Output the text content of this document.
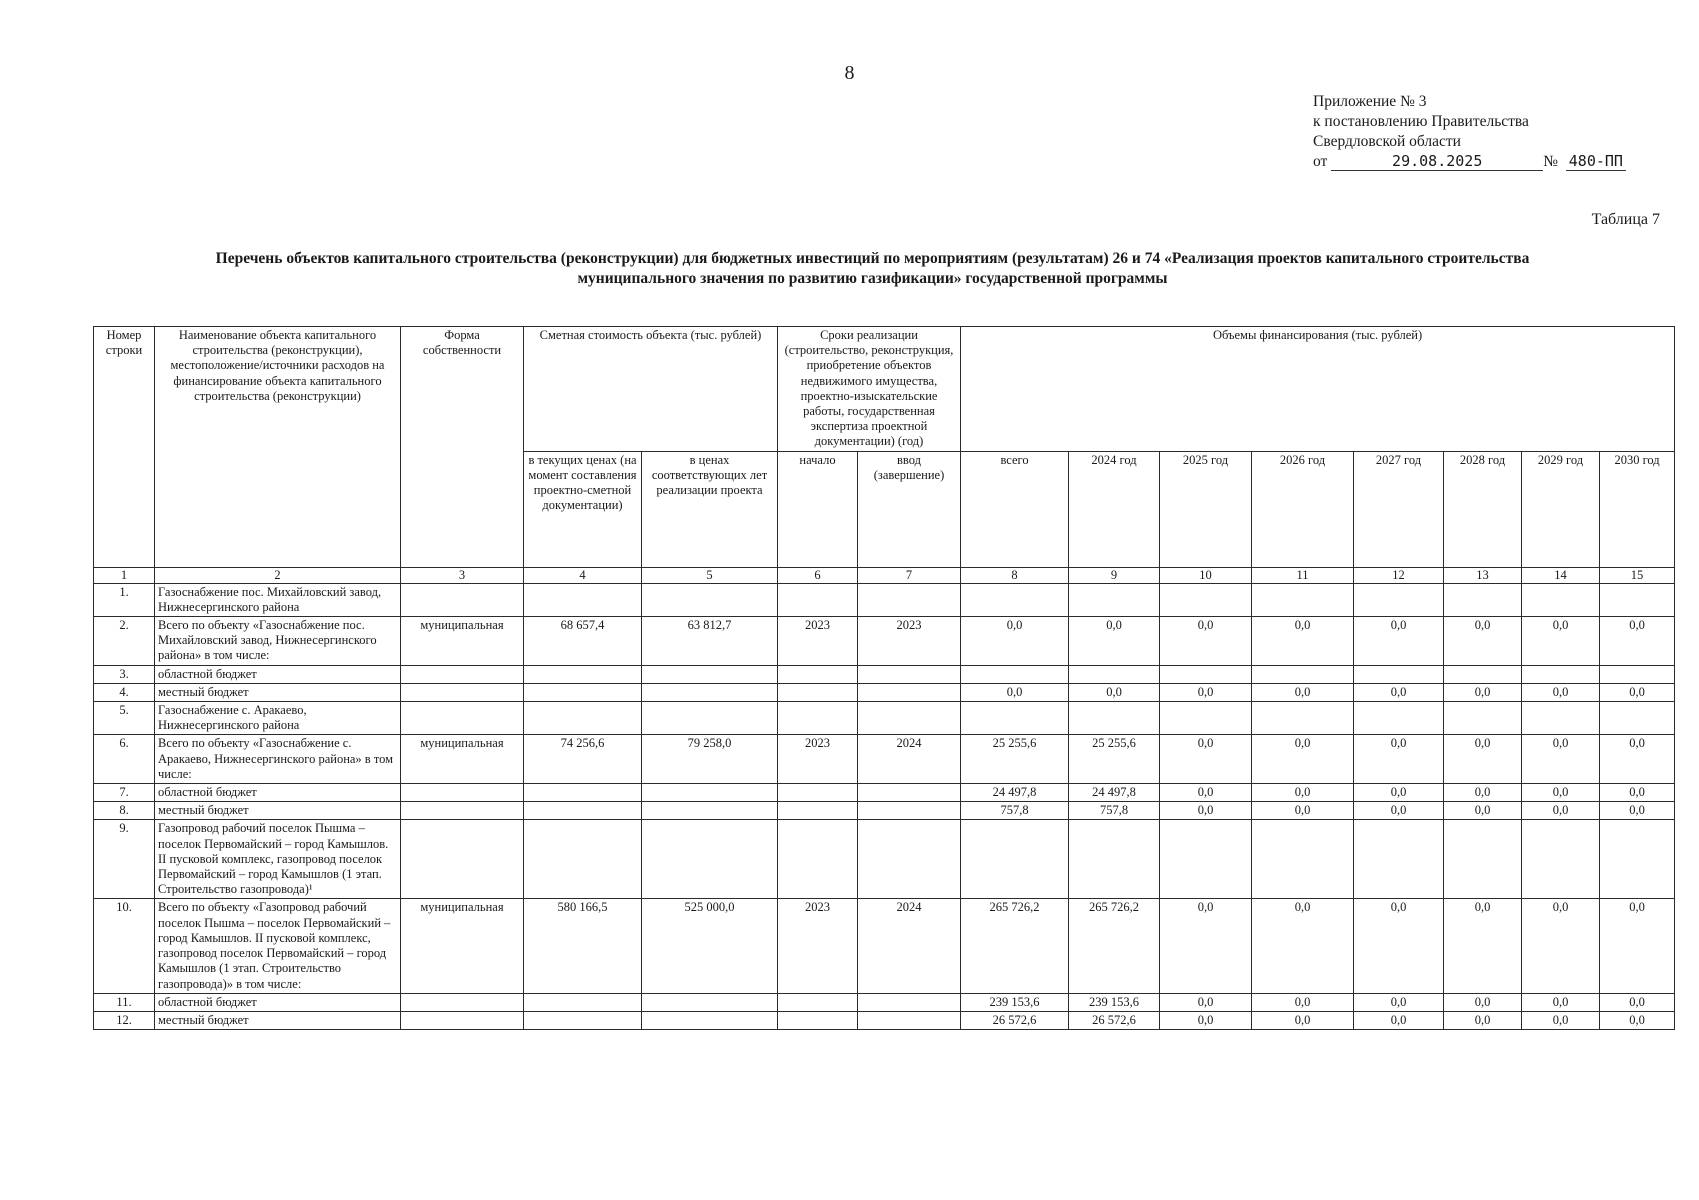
8
Приложение № 3
к постановлению Правительства
Свердловской области
от	29.08.2025	№ 480-ПП
Таблица 7
Перечень объектов капитального строительства (реконструкции) для бюджетных инвестиций по мероприятиям (результатам) 26 и 74 «Реализация проектов капитального строительства муниципального значения по развитию газификации» государственной программы
Номер строки	Наименование объекта капитального строительства (реконструкции), местоположение/источники расходов на финансирование объекта капитального строительства (реконструкции)	Форма собственности	Сметная стоимость объекта (тыс. рублей)		Сроки реализации (строительство, реконструкция, приобретение объектов недвижимого имущества, проектно-изыскательские работы, государственная экспертиза проектной документации) (год)		Объемы финансирования (тыс. рублей)							
			в текущих ценах (на момент составления проектно-сметной документации)	в ценах соответствующих лет реализации проекта	начало	ввод (завершение)	всего	2024 год	2025 год	2026 год	2027 год	2028 год	2029 год	2030 год
1	2	3	4	5	6	7	8	9	10	11	12	13	14	15
1.	Газоснабжение пос. Михайловский завод, Нижнесергинского района													
2.	Всего по объекту «Газоснабжение пос. Михайловский завод, Нижнесергинского района» в том числе:	муниципальная	68 657,4	63 812,7	2023	2023	0,0	0,0	0,0	0,0	0,0	0,0	0,0	0,0
3.	областной бюджет													
4.	местный бюджет						0,0	0,0	0,0	0,0	0,0	0,0	0,0	0,0
5.	Газоснабжение с. Аракаево, Нижнесергинского района													
6.	Всего по объекту «Газоснабжение с. Аракаево, Нижнесергинского района» в том числе:	муниципальная	74 256,6	79 258,0	2023	2024	25 255,6	25 255,6	0,0	0,0	0,0	0,0	0,0	0,0
7.	областной бюджет						24 497,8	24 497,8	0,0	0,0	0,0	0,0	0,0	0,0
8.	местный бюджет						757,8	757,8	0,0	0,0	0,0	0,0	0,0	0,0
9.	Газопровод рабочий поселок Пышма – поселок Первомайский – город Камышлов. II пусковой комплекс, газопровод поселок Первомайский – город Камышлов (1 этап. Строительство газопровода)¹													
10.	Всего по объекту «Газопровод рабочий поселок Пышма – поселок Первомайский – город Камышлов. II пусковой комплекс, газопровод поселок Первомайский – город Камышлов (1 этап. Строительство газопровода)» в том числе:	муниципальная	580 166,5	525 000,0	2023	2024	265 726,2	265 726,2	0,0	0,0	0,0	0,0	0,0	0,0
11.	областной бюджет						239 153,6	239 153,6	0,0	0,0	0,0	0,0	0,0	0,0
12.	местный бюджет						26 572,6	26 572,6	0,0	0,0	0,0	0,0	0,0	0,0
